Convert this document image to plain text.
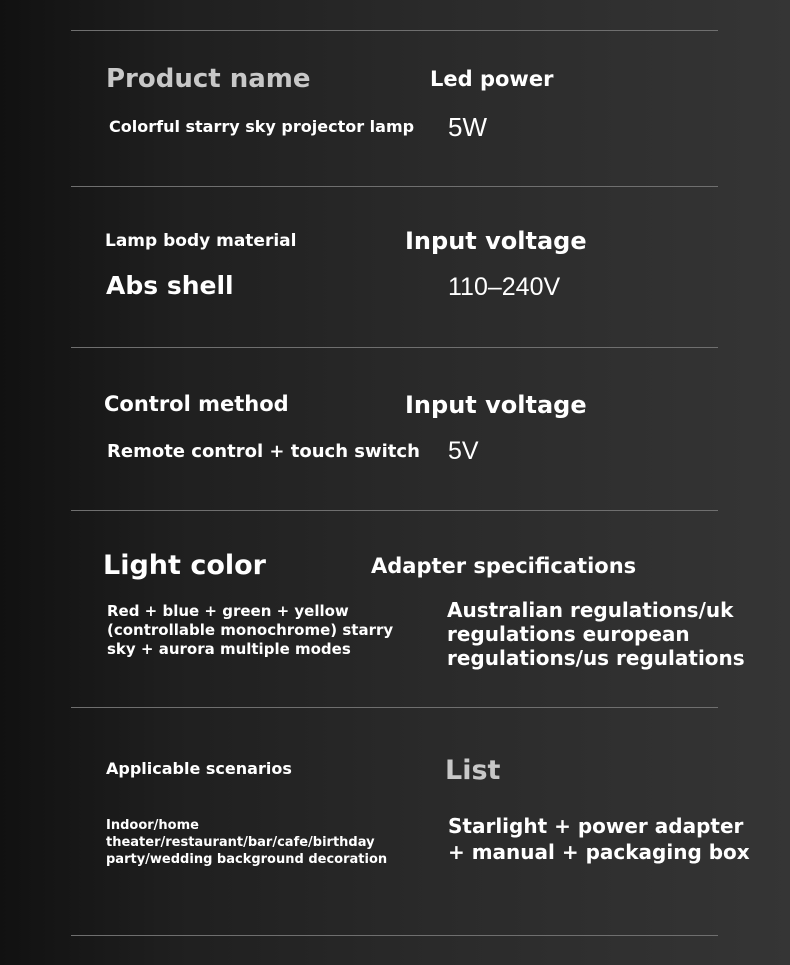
Product name

Colorful starry sky projector lamp

Led power

5W

Lamp body material

Abs shell

Input voltage

110–240V

Control method

Remote control + touch switch

Input voltage

5V

Light color

Red + blue + green + yellow (controllable monochrome) starry sky + aurora multiple modes

Adapter specifications

Australian regulations/uk regulations european regulations/us regulations

Applicable scenarios

Indoor/home theater/restaurant/bar/cafe/birthday party/wedding background decoration

List

Starlight + power adapter + manual + packaging box
